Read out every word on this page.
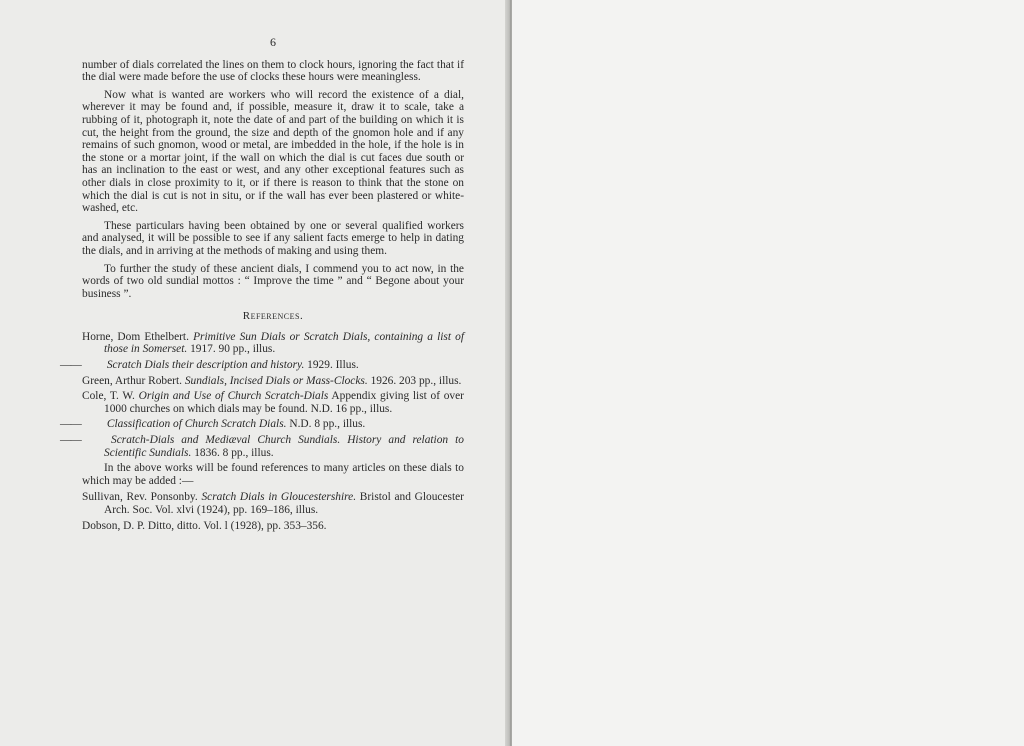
6

number of dials correlated the lines on them to clock hours, ignoring the fact that if the dial were made before the use of clocks these hours were meaningless.

Now what is wanted are workers who will record the existence of a dial, wherever it may be found and, if possible, measure it, draw it to scale, take a rubbing of it, photograph it, note the date of and part of the building on which it is cut, the height from the ground, the size and depth of the gnomon hole and if any remains of such gnomon, wood or metal, are imbedded in the hole, if the hole is in the stone or a mortar joint, if the wall on which the dial is cut faces due south or has an inclination to the east or west, and any other exceptional features such as other dials in close proximity to it, or if there is reason to think that the stone on which the dial is cut is not in situ, or if the wall has ever been plastered or white-washed, etc.

These particulars having been obtained by one or several qualified workers and analysed, it will be possible to see if any salient facts emerge to help in dating the dials, and in arriving at the methods of making and using them.

To further the study of these ancient dials, I commend you to act now, in the words of two old sundial mottos : “ Improve the time ” and “ Begone about your business ”.

References.

Horne, Dom Ethelbert. Primitive Sun Dials or Scratch Dials, containing a list of those in Somerset. 1917. 90 pp., illus.

—— Scratch Dials their description and history. 1929. Illus.

Green, Arthur Robert. Sundials, Incised Dials or Mass-Clocks. 1926. 203 pp., illus.

Cole, T. W. Origin and Use of Church Scratch-Dials Appendix giving list of over 1000 churches on which dials may be found. N.D. 16 pp., illus.

—— Classification of Church Scratch Dials. N.D. 8 pp., illus.

——	Scratch-Dials and Mediæval Church Sundials. History and relation to Scientific Sundials. 1836. 8 pp., illus.

In the above works will be found references to many articles on these dials to which may be added :—

Sullivan, Rev. Ponsonby. Scratch Dials in Gloucestershire. Bristol and Gloucester Arch. Soc. Vol. xlvi (1924), pp. 169–186, illus.

Dobson, D. P. Ditto, ditto. Vol. l (1928), pp. 353–356.
